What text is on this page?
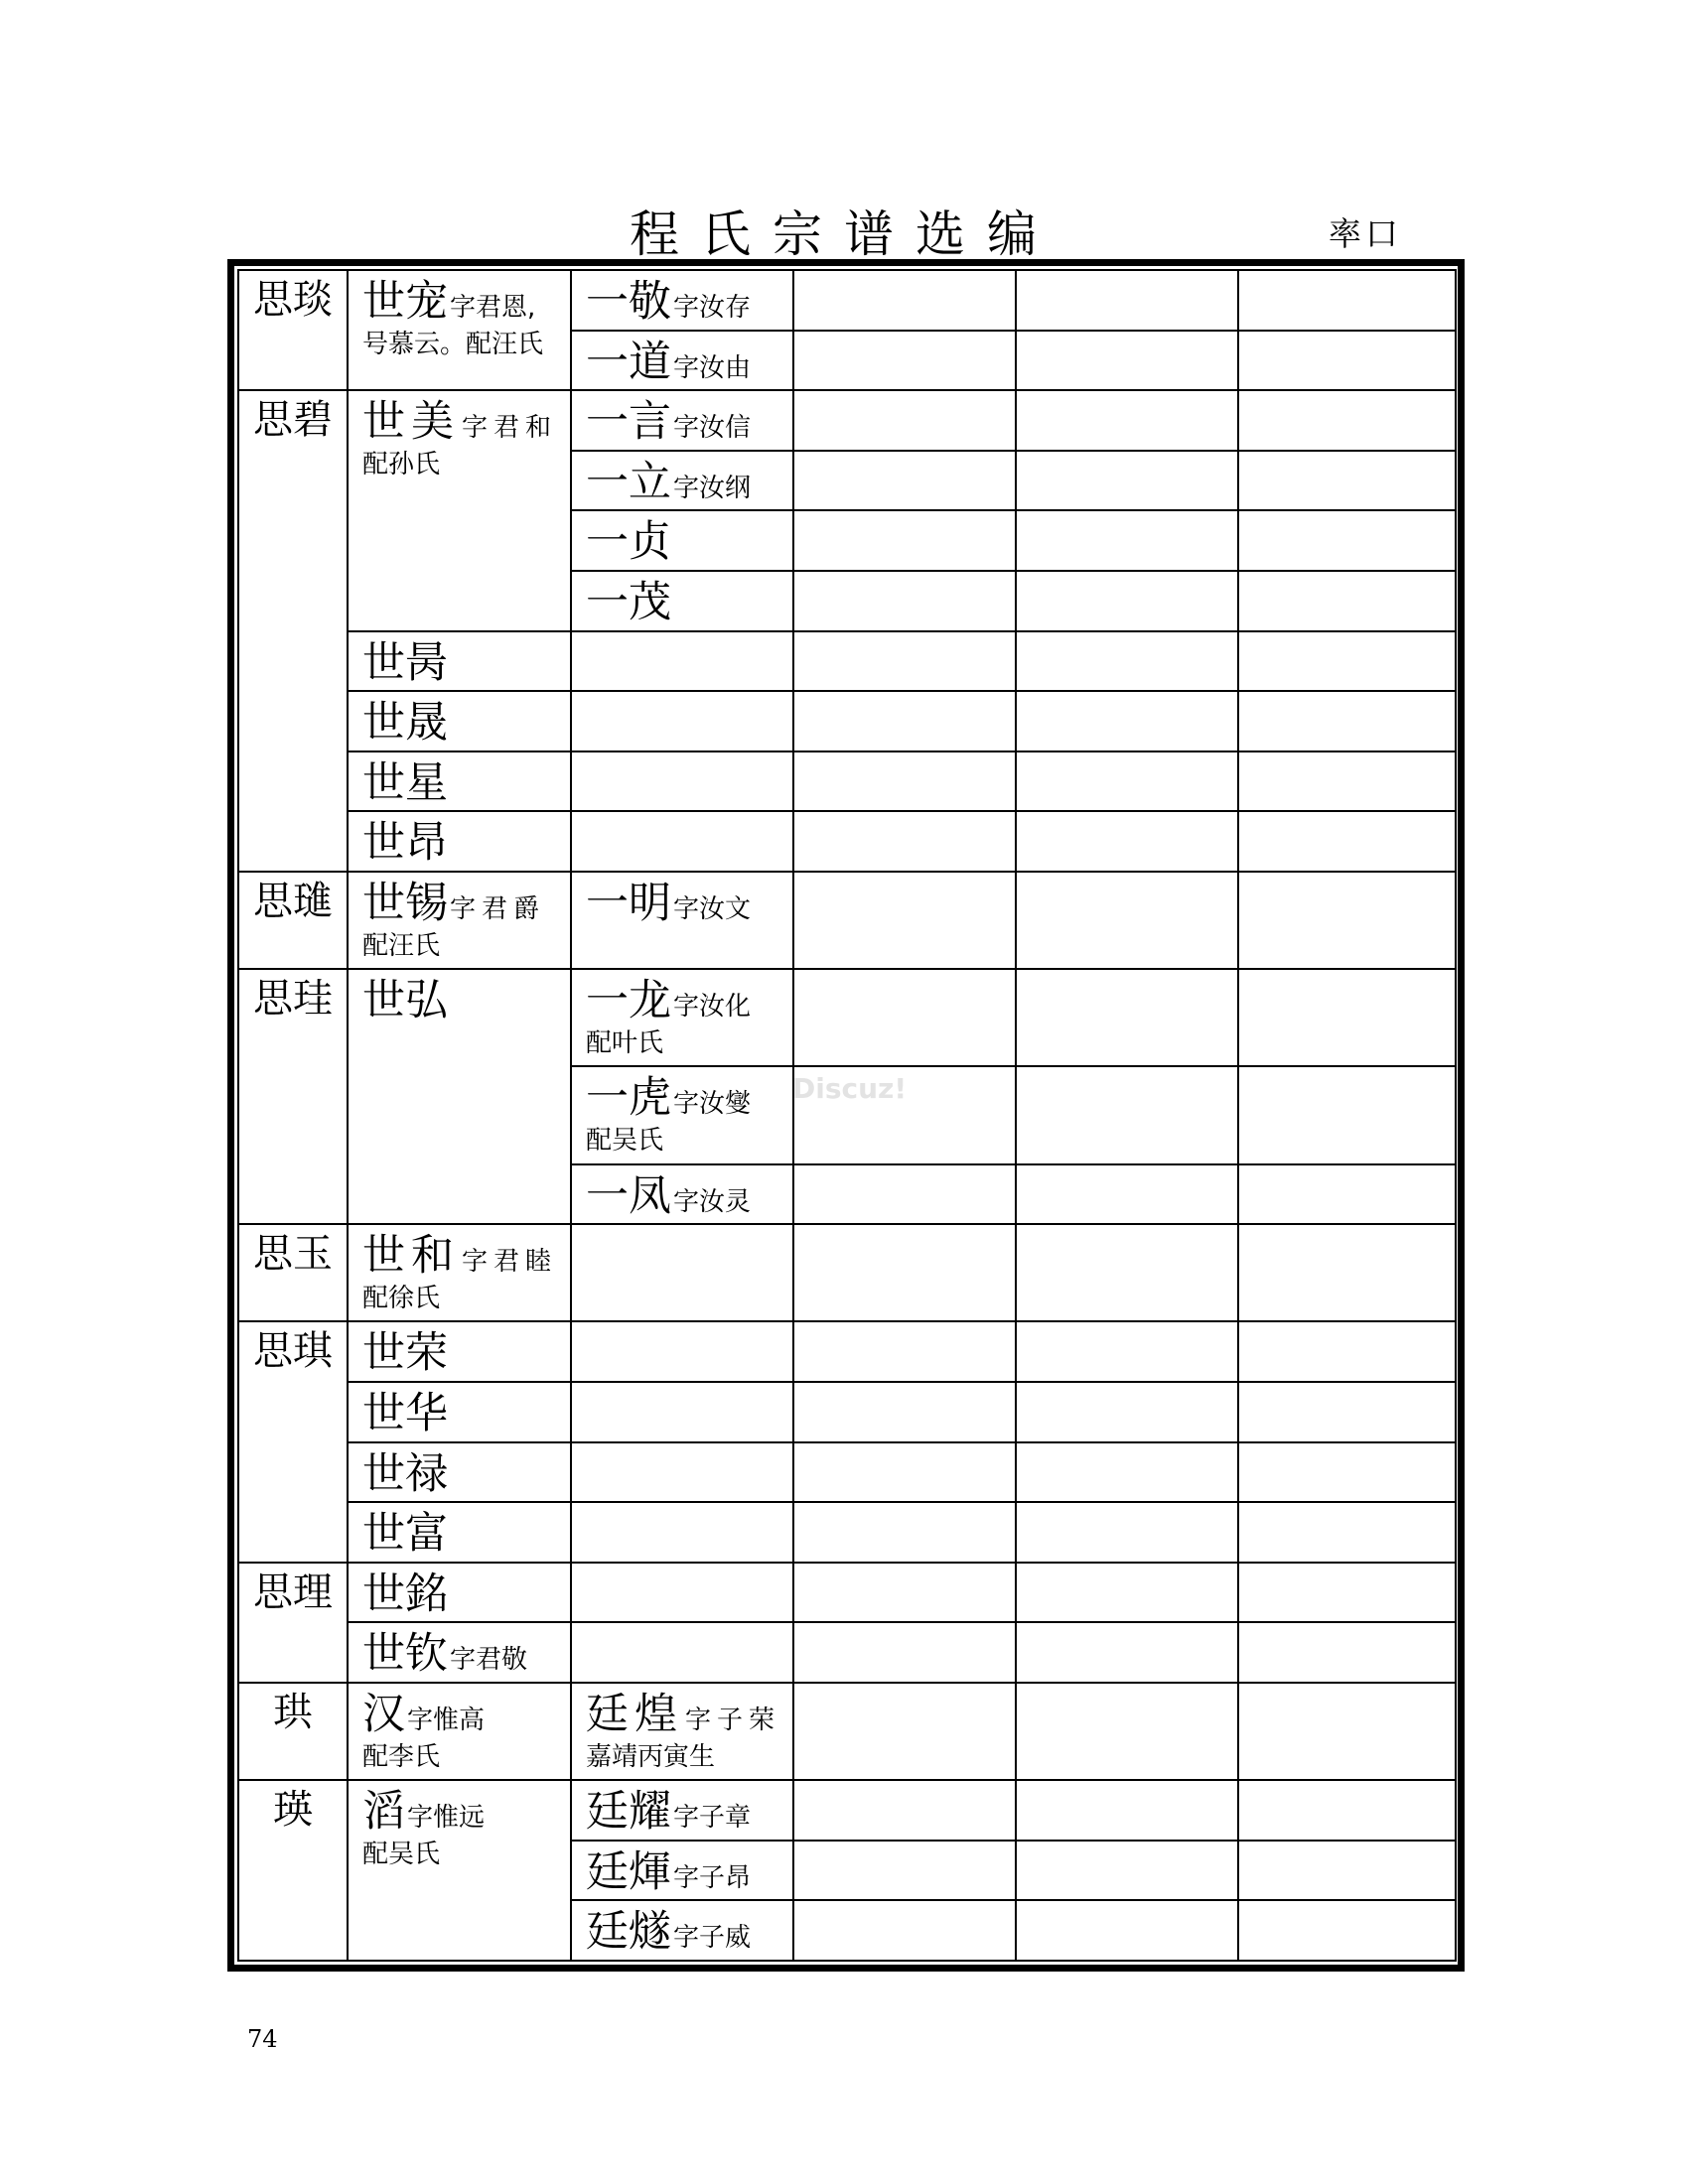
程氏宗谱选编	率口
思琰	世宠字君恩,
号慕云。配汪氏	一敬字汝存			

		一道字汝由			

思碧	世美字君和
配孙氏	一言字汝信			

		一立字汝纲			

		一贞			

		一茂			

	世昺				

	世晟				

	世星				

	世昂				

思璡	世锡字君爵
配汪氏	一明字汝文			

思珪	世弘	一龙字汝化
配叶氏			

		一虎字汝燮
配吴氏			

		一凤字汝灵			

思玉	世和字君睦
配徐氏				

思琪	世荣				

	世华				

	世禄				

	世富				

思理	世銘				

	世钦字君敬				

珙	汉字惟高
配李氏	廷煌字子荣
嘉靖丙寅生			

瑛	滔字惟远
配吴氏	廷耀字子章			

		廷煇字子昂			

		廷燧字子威			

Discuz!
74
